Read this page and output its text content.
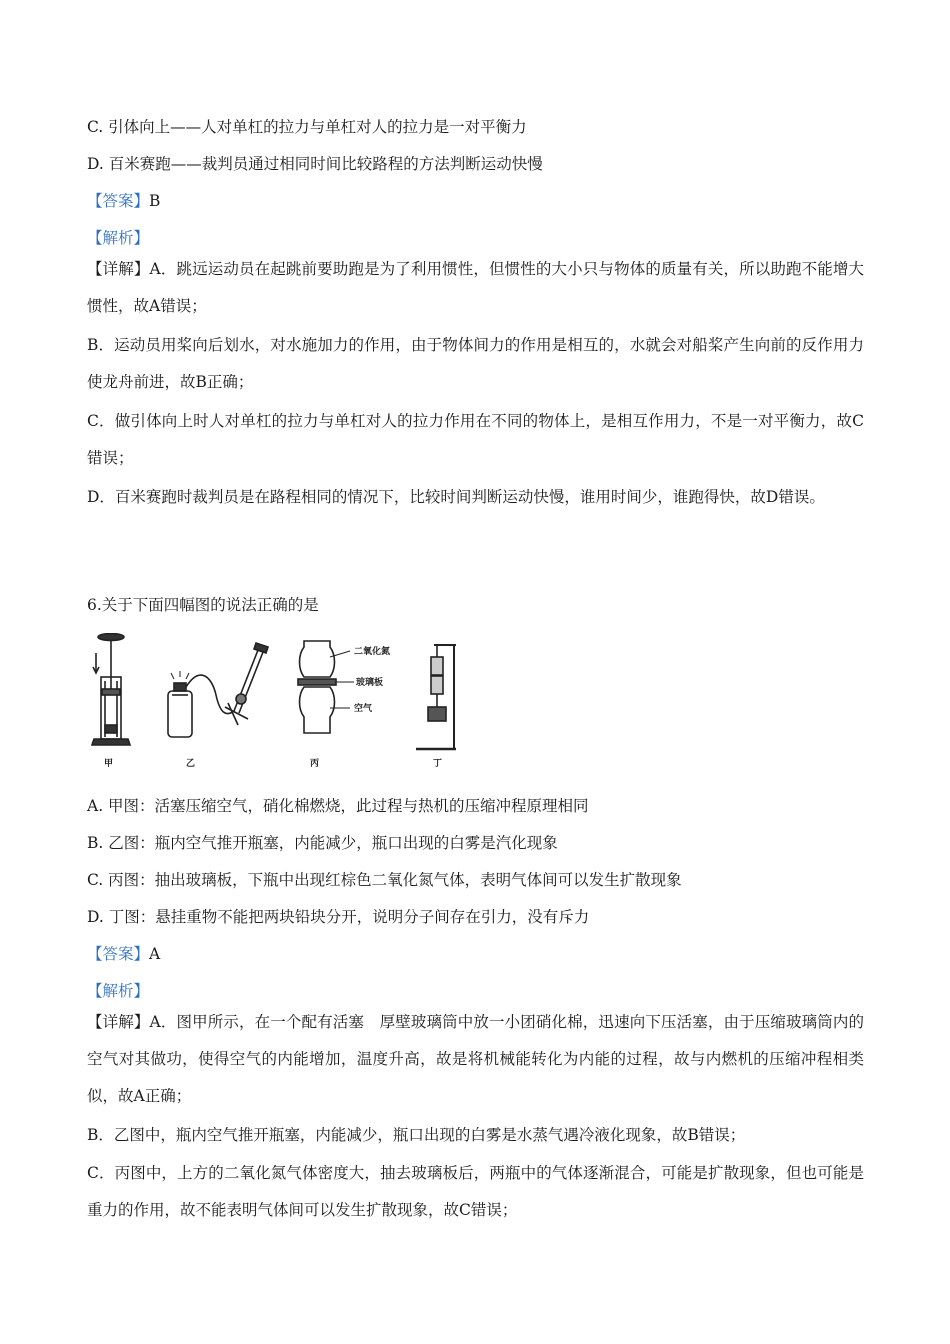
C. 引体向上——人对单杠的拉力与单杠对人的拉力是一对平衡力
D. 百米赛跑——裁判员通过相同时间比较路程的方法判断运动快慢
【答案】B
【解析】
【详解】A．跳远运动员在起跳前要助跑是为了利用惯性，但惯性的大小只与物体的质量有关，所以助跑不能增大惯性，故A错误；
B．运动员用桨向后划水，对水施加力的作用，由于物体间力的作用是相互的，水就会对船桨产生向前的反作用力使龙舟前进，故B正确；
C．做引体向上时人对单杠的拉力与单杠对人的拉力作用在不同的物体上，是相互作用力，不是一对平衡力，故C错误；
D．百米赛跑时裁判员是在路程相同的情况下，比较时间判断运动快慢，谁用时间少，谁跑得快，故D错误。
6.关于下面四幅图的说法正确的是
二氧化氮
玻璃板
空气
甲	乙	丙	丁
A. 甲图：活塞压缩空气，硝化棉燃烧，此过程与热机的压缩冲程原理相同
B. 乙图：瓶内空气推开瓶塞，内能减少，瓶口出现的白雾是汽化现象
C. 丙图：抽出玻璃板，下瓶中出现红棕色二氧化氮气体，表明气体间可以发生扩散现象
D. 丁图：悬挂重物不能把两块铅块分开，说明分子间存在引力，没有斥力
【答案】A
【解析】
【详解】A．图甲所示，在一个配有活塞　厚壁玻璃筒中放一小团硝化棉，迅速向下压活塞，由于压缩玻璃筒内的空气对其做功，使得空气的内能增加，温度升高，故是将机械能转化为内能的过程，故与内燃机的压缩冲程相类似，故A正确；
B．乙图中，瓶内空气推开瓶塞，内能减少，瓶口出现的白雾是水蒸气遇冷液化现象，故B错误；
C．丙图中，上方的二氧化氮气体密度大，抽去玻璃板后，两瓶中的气体逐渐混合，可能是扩散现象，但也可能是重力的作用，故不能表明气体间可以发生扩散现象，故C错误；
